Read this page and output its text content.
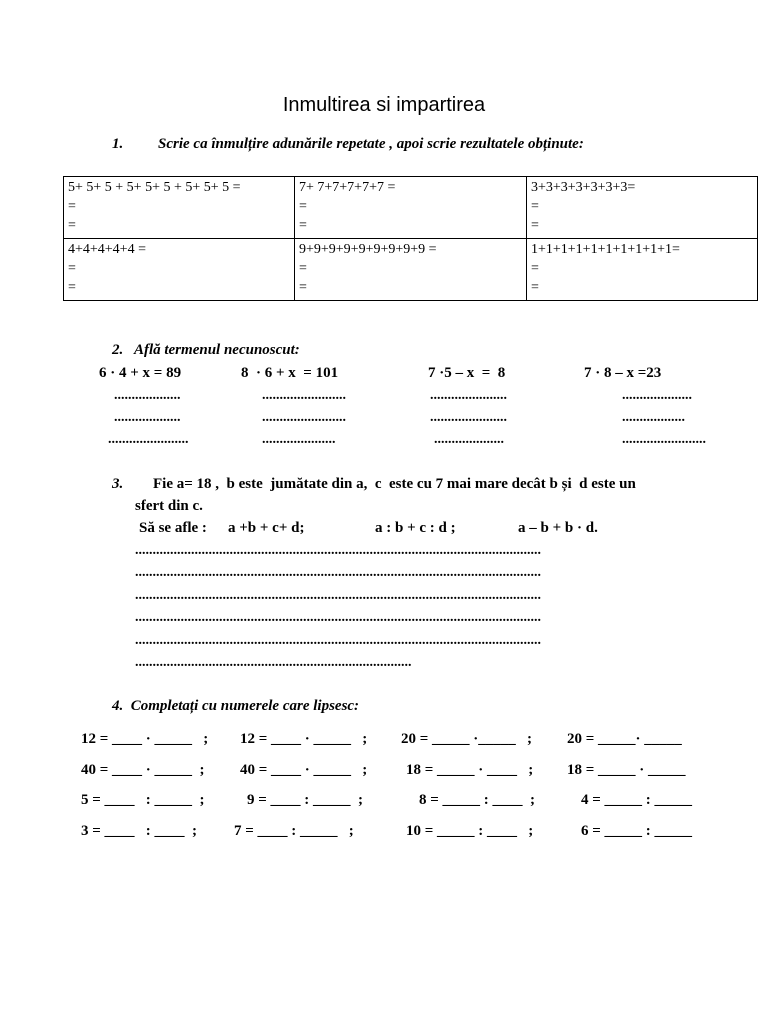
Inmultirea si impartirea
1. Scrie ca înmulțire adunările repetate , apoi scrie rezultatele obținute:
5+ 5+ 5 + 5+ 5+ 5 + 5+ 5+ 5 =
=
=	7+ 7+7+7+7+7 =
=
=	3+3+3+3+3+3+3=
=
=

4+4+4+4+4 =
=
=	9+9+9+9+9+9+9+9+9 =
=
=	1+1+1+1+1+1+1+1+1+1=
=
=
2.   Află termenul necunoscut:
6 · 4 + x = 89	8  · 6 + x  = 101	7 ·5 – x  =  8	7 · 8 – x =23
...................	........................	......................	....................
...................	........................	......................	..................
.......................	.....................	....................	........................
3. Fie a= 18 ,  b este  jumătate din a,  c  este cu 7 mai mare decât b și  d este un
sfert din c.
Să se afle : a +b + c+ d;	a : b + c : d ;	a – b + b · d.
....................................................................................................................
....................................................................................................................
....................................................................................................................
....................................................................................................................
....................................................................................................................
...............................................................................
4.  Completați cu numerele care lipsesc:
12 = ____ · _____   ; 12 = ____ · _____   ; 20 = _____ ·_____   ; 20 = _____· _____
40 = ____ · _____  ; 40 = ____ · _____   ;	18 = _____ · ____   ; 18 = _____ · _____
5 = ____   : _____  ;	9 = ____ : _____  ;	8 = _____ : ____  ;	4 = _____ : _____
3 = ____   : ____  ; 7 = ____ : _____   ;	10 = _____ : ____   ;	6 = _____ : _____
